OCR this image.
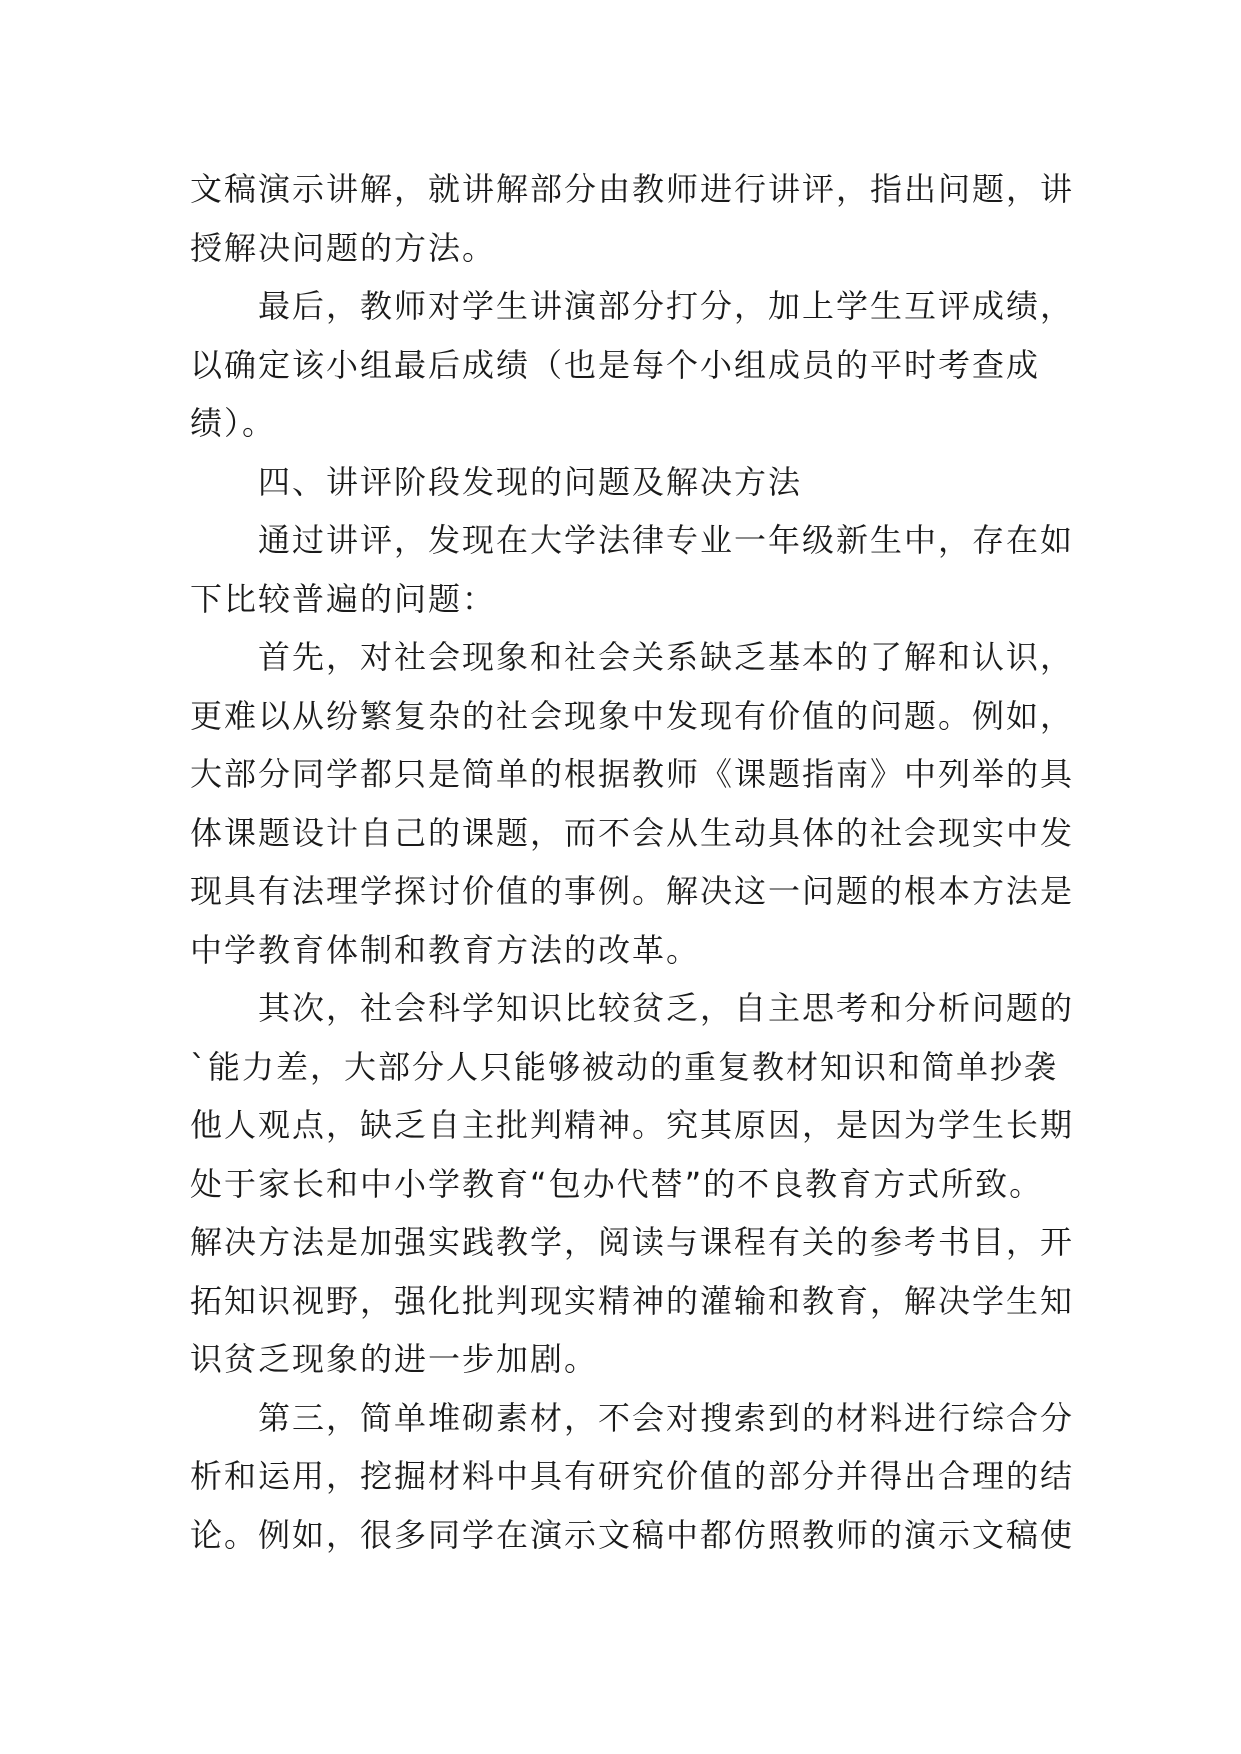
文稿演示讲解，就讲解部分由教师进行讲评，指出问题，讲
授解决问题的方法。
最后，教师对学生讲演部分打分，加上学生互评成绩，
以确定该小组最后成绩（也是每个小组成员的平时考查成
绩）。
四、讲评阶段发现的问题及解决方法
通过讲评，发现在大学法律专业一年级新生中，存在如
下比较普遍的问题：
首先，对社会现象和社会关系缺乏基本的了解和认识，
更难以从纷繁复杂的社会现象中发现有价值的问题。例如，
大部分同学都只是简单的根据教师《课题指南》中列举的具
体课题设计自己的课题，而不会从生动具体的社会现实中发
现具有法理学探讨价值的事例。解决这一问题的根本方法是
中学教育体制和教育方法的改革。
其次，社会科学知识比较贫乏，自主思考和分析问题的
`能力差，大部分人只能够被动的重复教材知识和简单抄袭
他人观点，缺乏自主批判精神。究其原因，是因为学生长期
处于家长和中小学教育“包办代替”的不良教育方式所致。
解决方法是加强实践教学，阅读与课程有关的参考书目，开
拓知识视野，强化批判现实精神的灌输和教育，解决学生知
识贫乏现象的进一步加剧。
第三，简单堆砌素材，不会对搜索到的材料进行综合分
析和运用，挖掘材料中具有研究价值的部分并得出合理的结
论。例如，很多同学在演示文稿中都仿照教师的演示文稿使
